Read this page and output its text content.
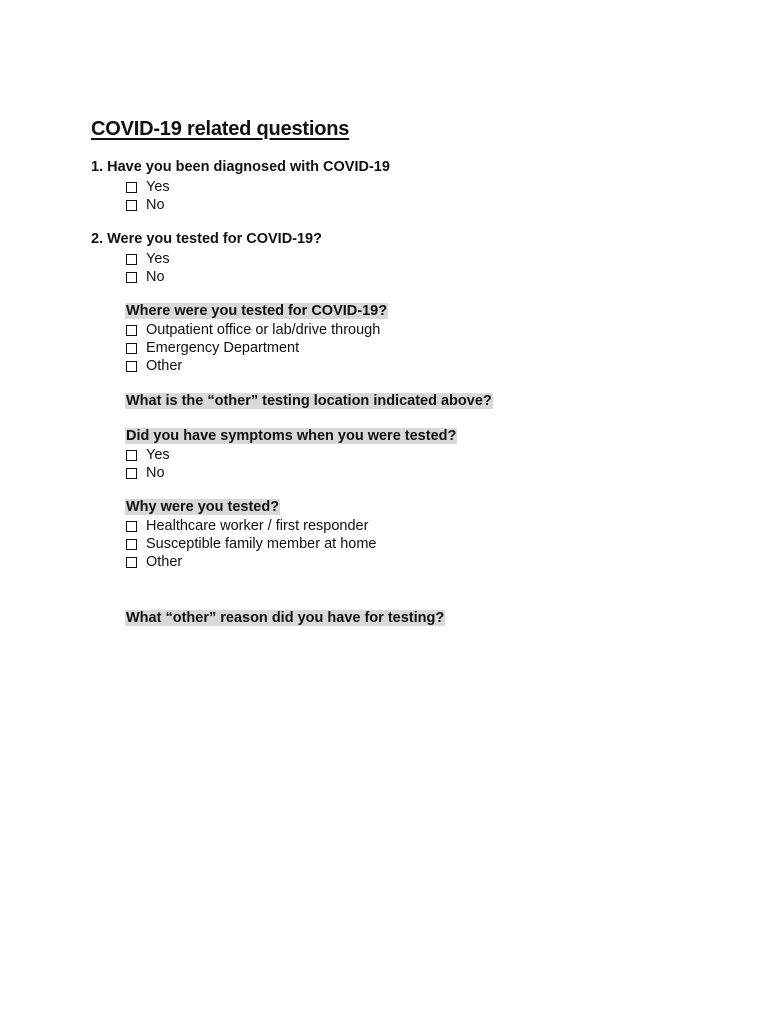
COVID-19 related questions

1. Have you been diagnosed with COVID-19

Yes
No

2. Were you tested for COVID-19?

Yes
No

Where were you tested for COVID-19?

Outpatient office or lab/drive through
Emergency Department
Other

What is the “other” testing location indicated above?

Did you have symptoms when you were tested?

Yes
No

Why were you tested?

Healthcare worker / first responder
Susceptible family member at home
Other

What “other” reason did you have for testing?
